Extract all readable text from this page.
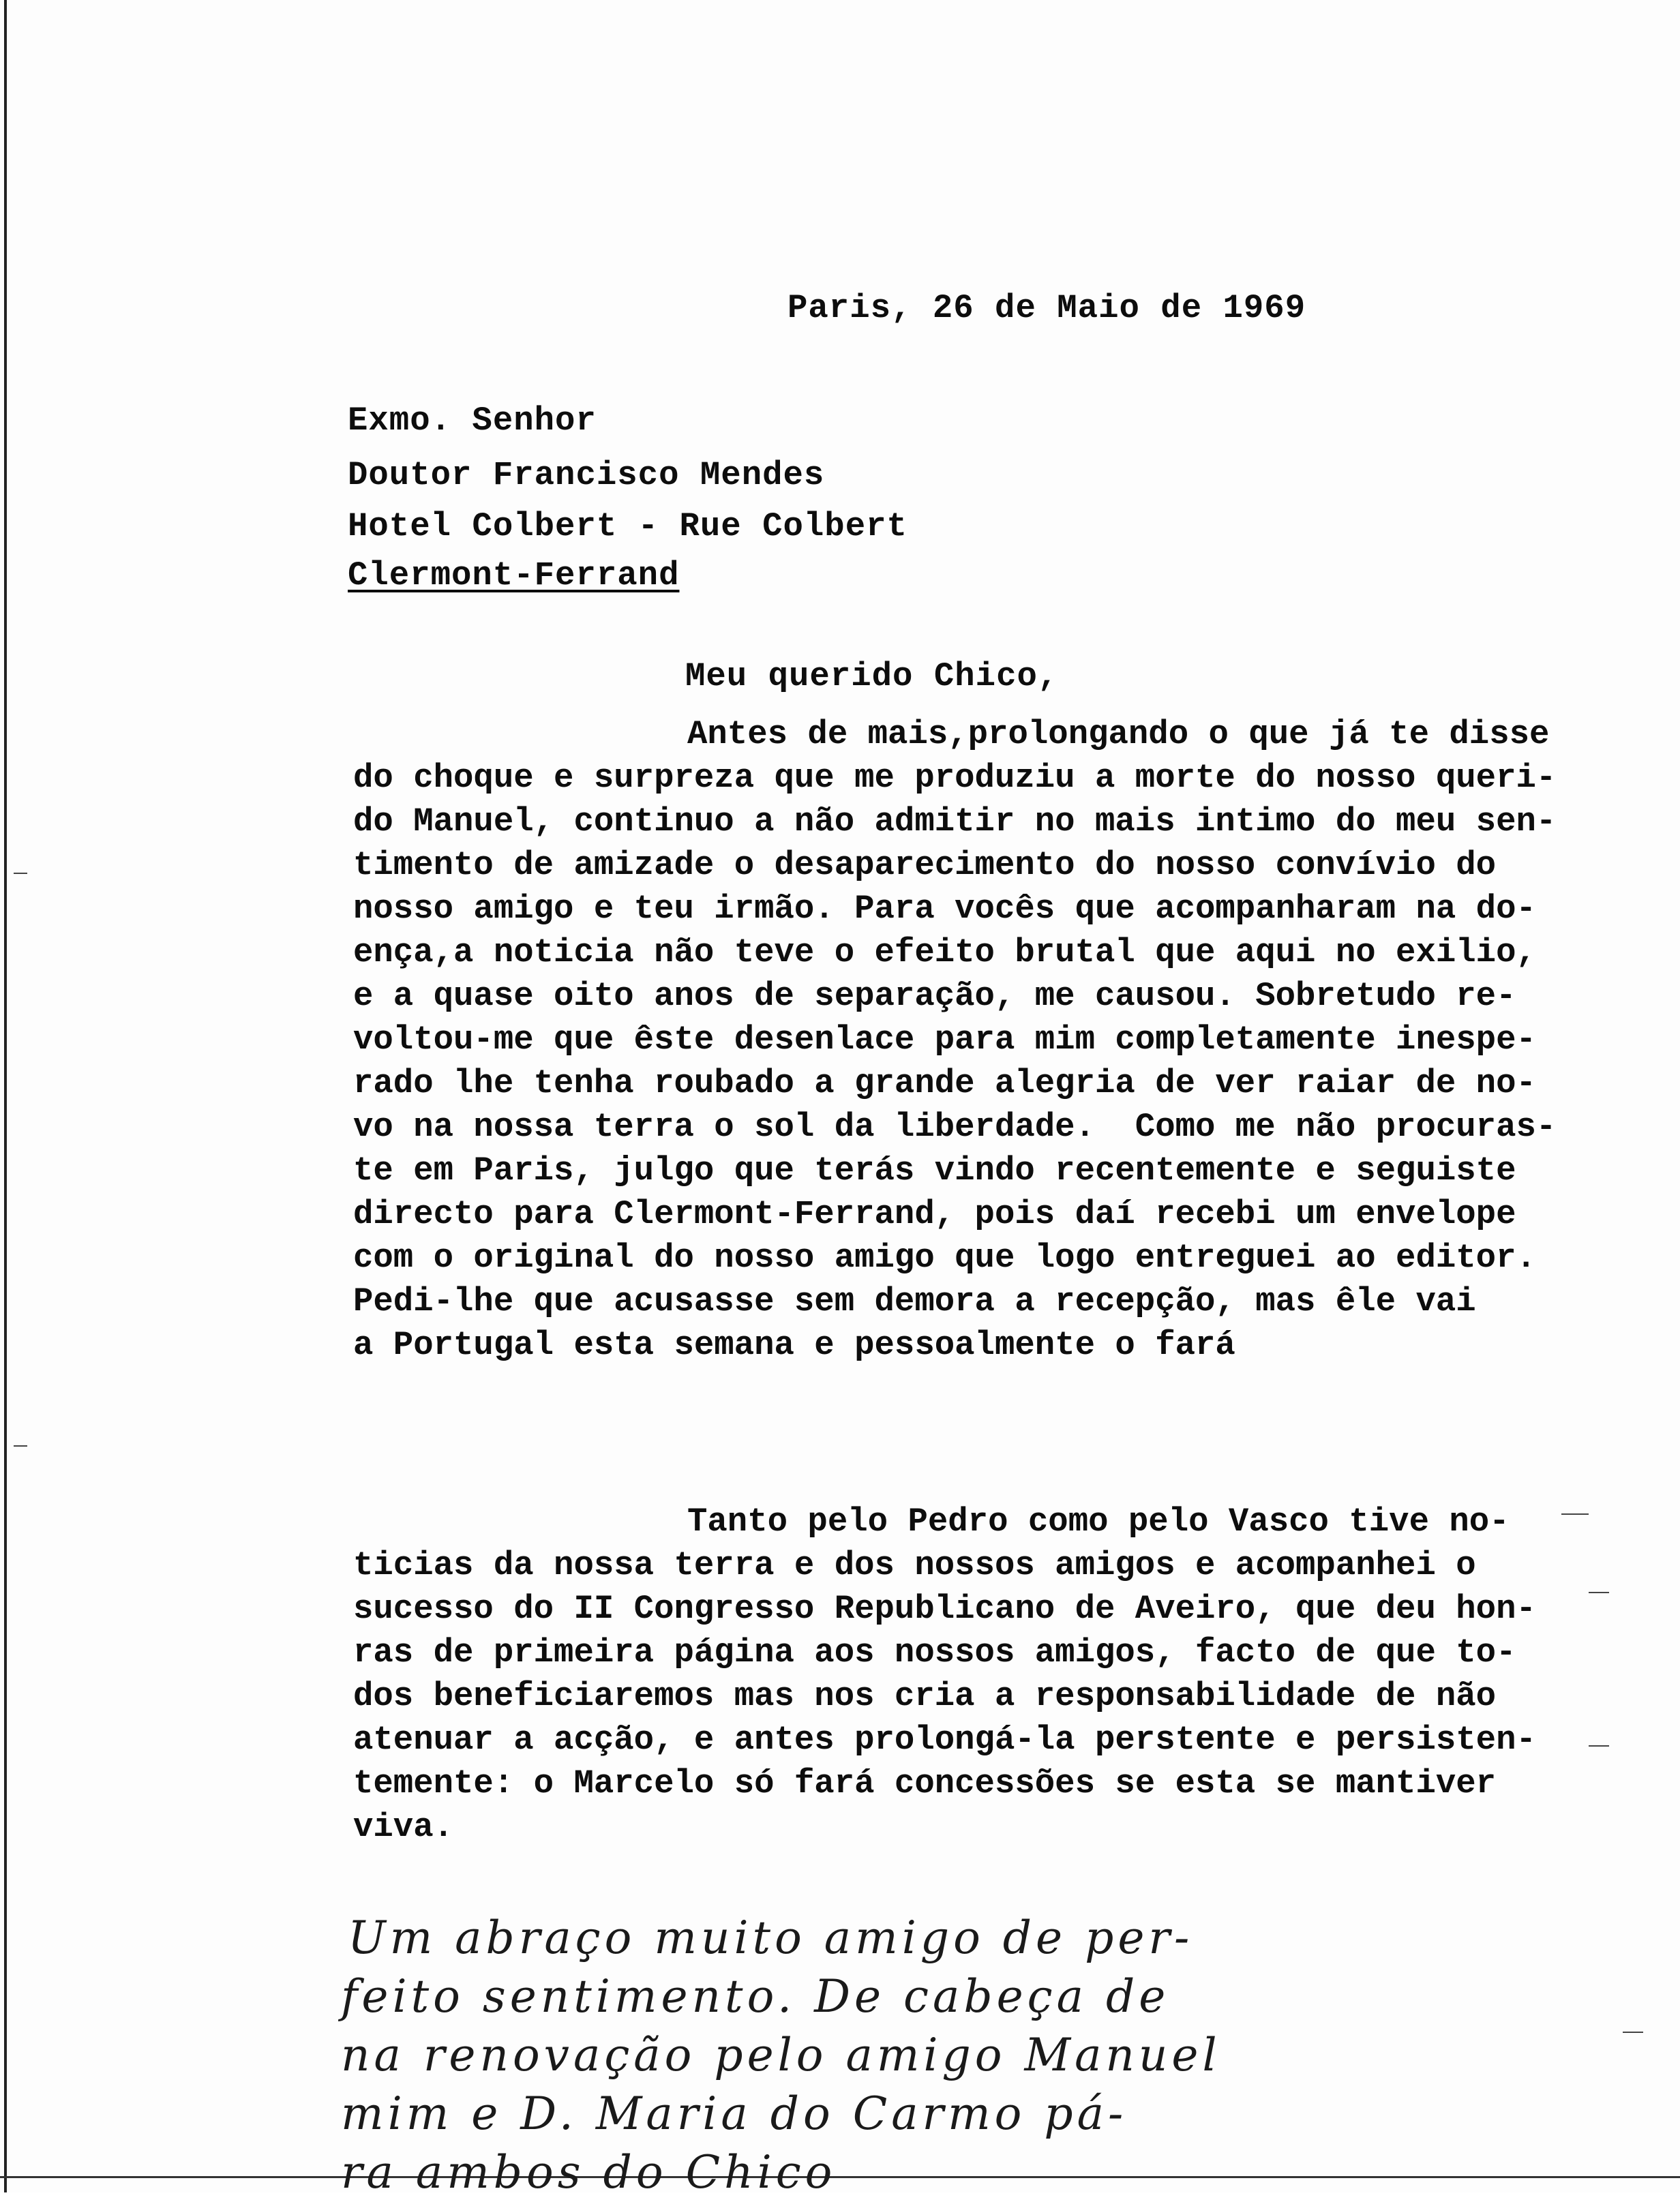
Paris, 26 de Maio de 1969
Exmo. Senhor
Doutor Francisco Mendes
Hotel Colbert - Rue Colbert
Clermont-Ferrand
Meu querido Chico,
Antes de mais,prolongando o que já te disse
do choque e surpreza que me produziu a morte do nosso queri-
do Manuel, continuo a não admitir no mais intimo do meu sen-
timento de amizade o desaparecimento do nosso convívio do
nosso amigo e teu irmão. Para vocês que acompanharam na do-
ença,a noticia não teve o efeito brutal que aqui no exilio,
e a quase oito anos de separação, me causou. Sobretudo re-
voltou-me que êste desenlace para mim completamente inespe-
rado lhe tenha roubado a grande alegria de ver raiar de no-
vo na nossa terra o sol da liberdade.  Como me não procuras-
te em Paris, julgo que terás vindo recentemente e seguiste
directo para Clermont-Ferrand, pois daí recebi um envelope
com o original do nosso amigo que logo entreguei ao editor.
Pedi-lhe que acusasse sem demora a recepção, mas êle vai
a Portugal esta semana e pessoalmente o fará
Tanto pelo Pedro como pelo Vasco tive no-
ticias da nossa terra e dos nossos amigos e acompanhei o
sucesso do II Congresso Republicano de Aveiro, que deu hon-
ras de primeira página aos nossos amigos, facto de que to-
dos beneficiaremos mas nos cria a responsabilidade de não
atenuar a acção, e antes prolongá-la perstente e persisten-
temente: o Marcelo só fará concessões se esta se mantiver
viva.
Um abraço muito amigo de per-
feito sentimento. De cabeça de
na renovação pelo amigo Manuel
mim e D. Maria do Carmo pá-
ra ambos do Chico
